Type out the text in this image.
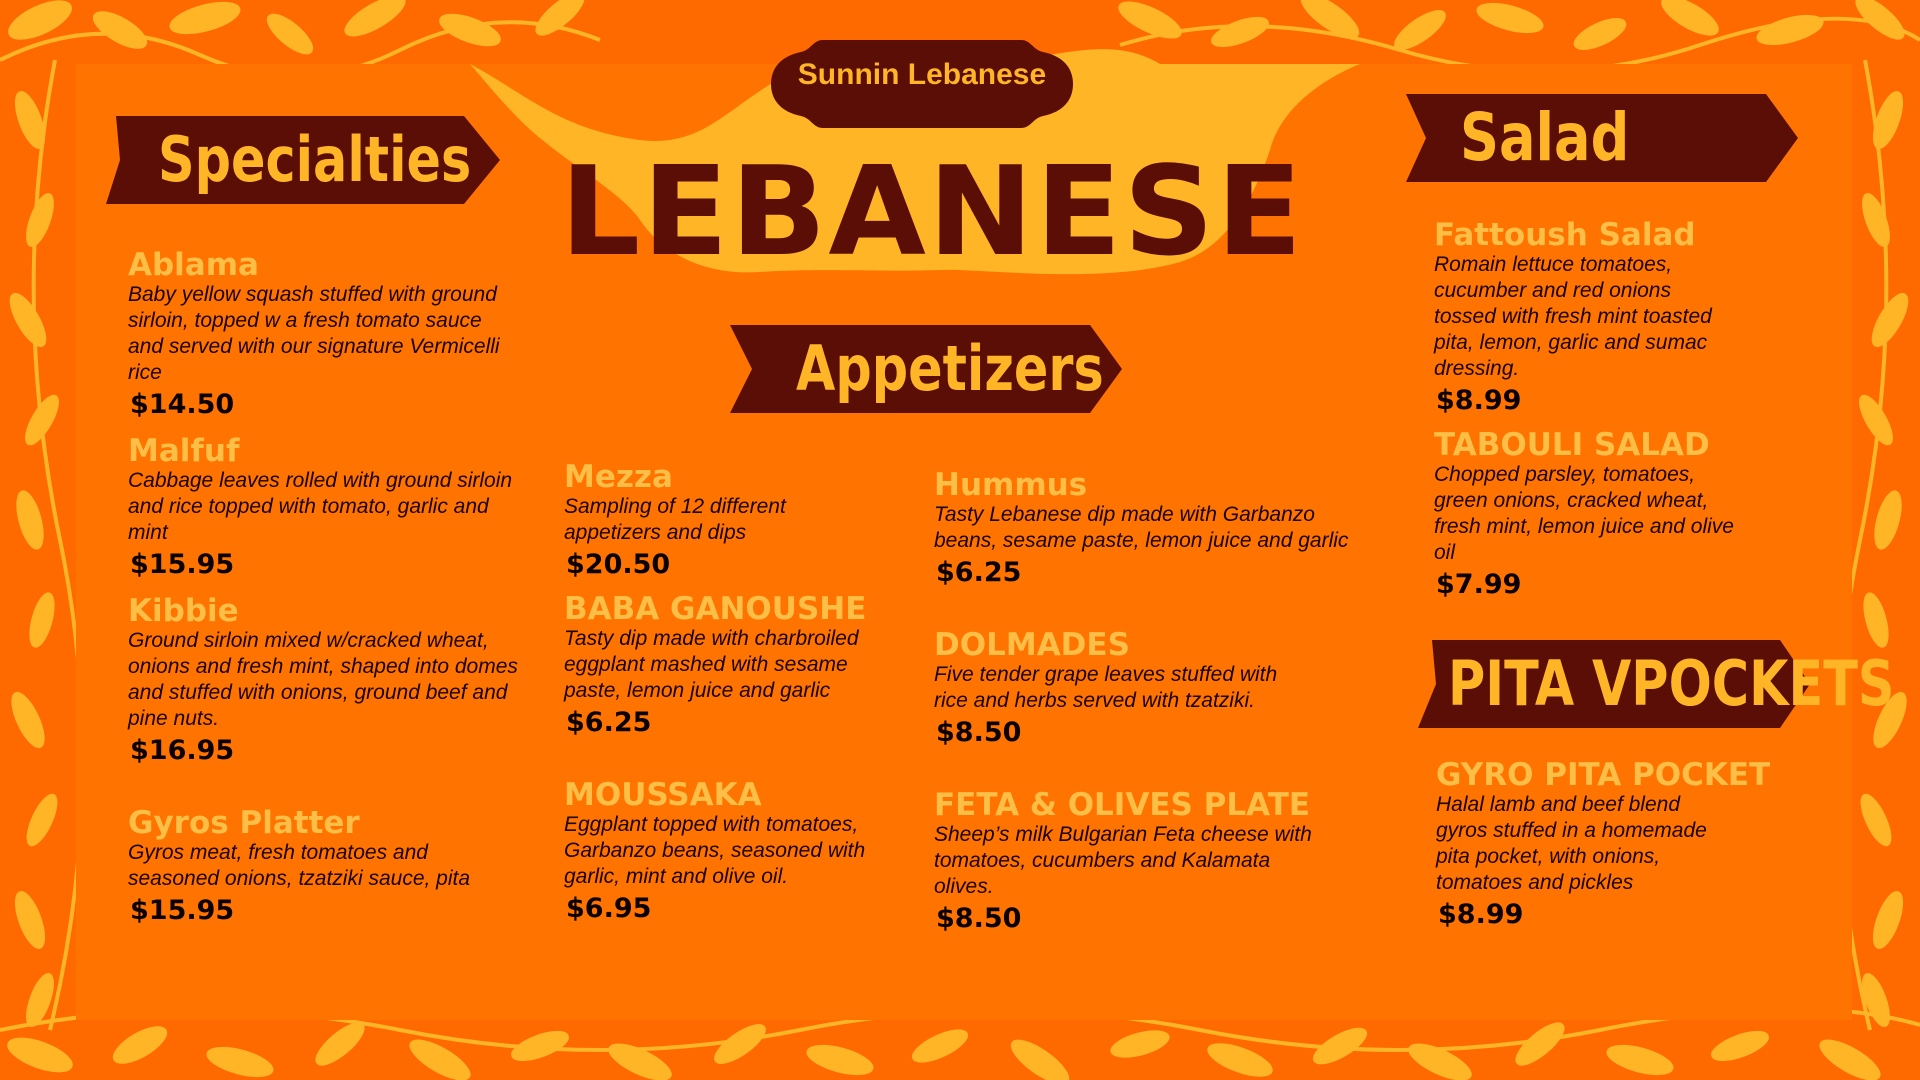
Sunnin Lebanese
LEBANESE
Specialties
Appetizers
Salad
PITA VPOCKETS
Ablama
Baby yellow squash stuffed with ground sirloin, topped w a fresh tomato sauce and served with our signature Vermicelli rice
$14.50
Malfuf
Cabbage leaves rolled with ground sirloin and rice topped with tomato, garlic and mint
$15.95
Kibbie
Ground sirloin mixed w/cracked wheat, onions and fresh mint, shaped into domes and stuffed with onions, ground beef and pine nuts.
$16.95
Gyros Platter
Gyros meat, fresh tomatoes and seasoned onions, tzatziki sauce, pita
$15.95
Mezza
Sampling of 12 different appetizers and dips
$20.50
BABA GANOUSHE
Tasty dip made with charbroiled eggplant mashed with sesame paste, lemon juice and garlic
$6.25
MOUSSAKA
Eggplant topped with tomatoes, Garbanzo beans, seasoned with garlic, mint and olive oil.
$6.95
Hummus
Tasty Lebanese dip made with Garbanzo beans, sesame paste, lemon juice and garlic
$6.25
DOLMADES
Five tender grape leaves stuffed with rice and herbs served with tzatziki.
$8.50
FETA & OLIVES PLATE
Sheep’s milk Bulgarian Feta cheese with tomatoes, cucumbers and Kalamata olives.
$8.50
Fattoush Salad
Romain lettuce tomatoes, cucumber and red onions tossed with fresh mint toasted pita, lemon, garlic and sumac dressing.
$8.99
TABOULI SALAD
Chopped parsley, tomatoes, green onions, cracked wheat, fresh mint, lemon juice and olive oil
$7.99
GYRO PITA POCKET
Halal lamb and beef blend gyros stuffed in a homemade pita pocket, with onions, tomatoes and pickles
$8.99
